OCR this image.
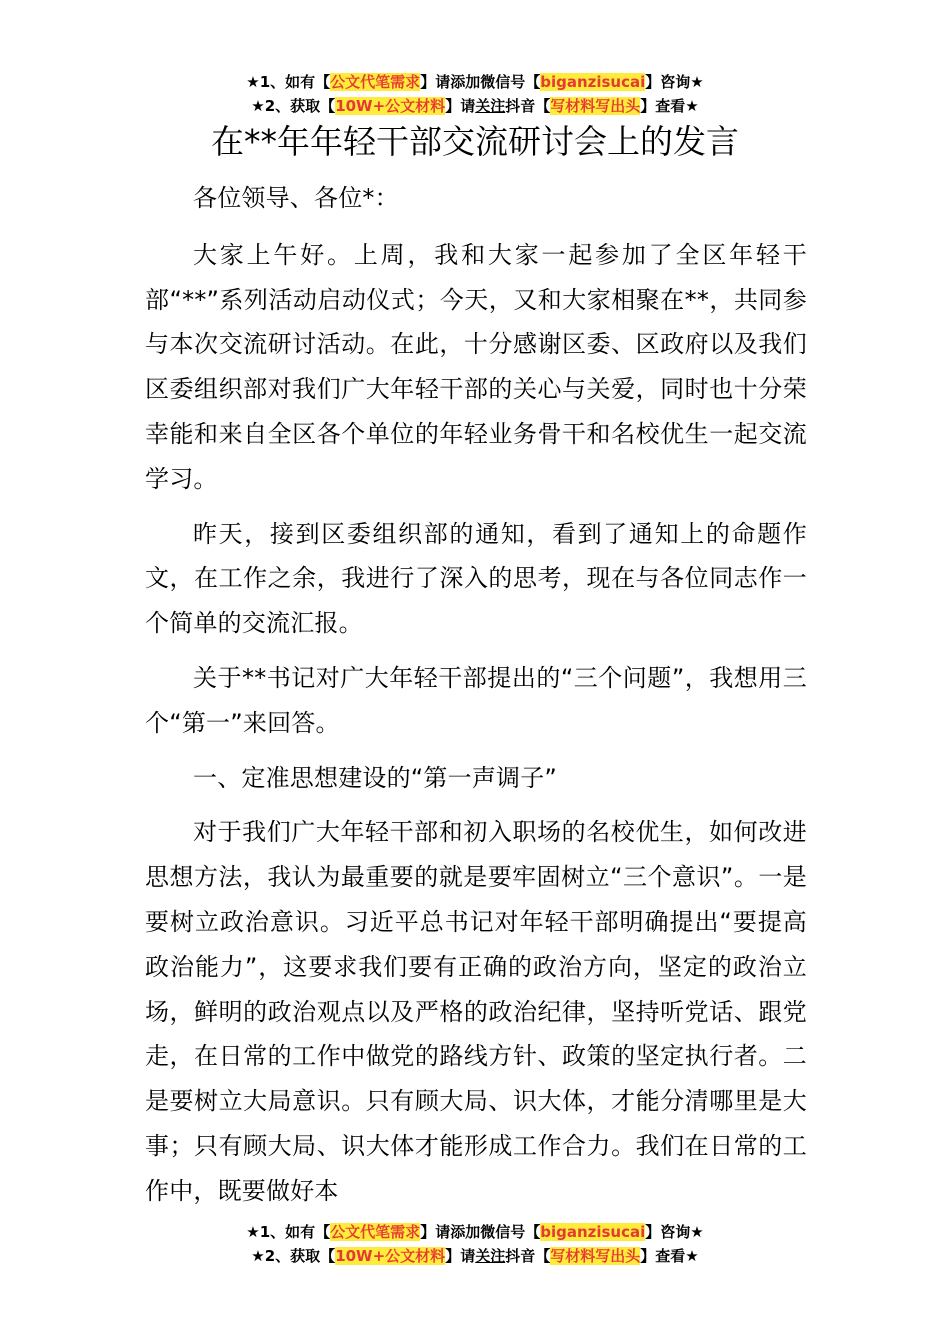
★1、如有【公文代笔需求】请添加微信号【biganzisucai】咨询★
★2、获取【10W+公文材料】请关注抖音【写材料写出头】查看★
在**年年轻干部交流研讨会上的发言

各位领导、各位*：

大家上午好。上周，我和大家一起参加了全区年轻干部“**”系列活动启动仪式；今天，又和大家相聚在**，共同参与本次交流研讨活动。在此，十分感谢区委、区政府以及我们区委组织部对我们广大年轻干部的关心与关爱，同时也十分荣幸能和来自全区各个单位的年轻业务骨干和名校优生一起交流学习。

昨天，接到区委组织部的通知，看到了通知上的命题作文，在工作之余，我进行了深入的思考，现在与各位同志作一个简单的交流汇报。

关于**书记对广大年轻干部提出的“三个问题”，我想用三个“第一”来回答。

一、定准思想建设的“第一声调子”

对于我们广大年轻干部和初入职场的名校优生，如何改进思想方法，我认为最重要的就是要牢固树立“三个意识”。一是要树立政治意识。习近平总书记对年轻干部明确提出“要提高政治能力”，这要求我们要有正确的政治方向，坚定的政治立场，鲜明的政治观点以及严格的政治纪律，坚持听党话、跟党走，在日常的工作中做党的路线方针、政策的坚定执行者。二是要树立大局意识。只有顾大局、识大体，才能分清哪里是大事；只有顾大局、识大体才能形成工作合力。我们在日常的工作中，既要做好本

★1、如有【公文代笔需求】请添加微信号【biganzisucai】咨询★
★2、获取【10W+公文材料】请关注抖音【写材料写出头】查看★
